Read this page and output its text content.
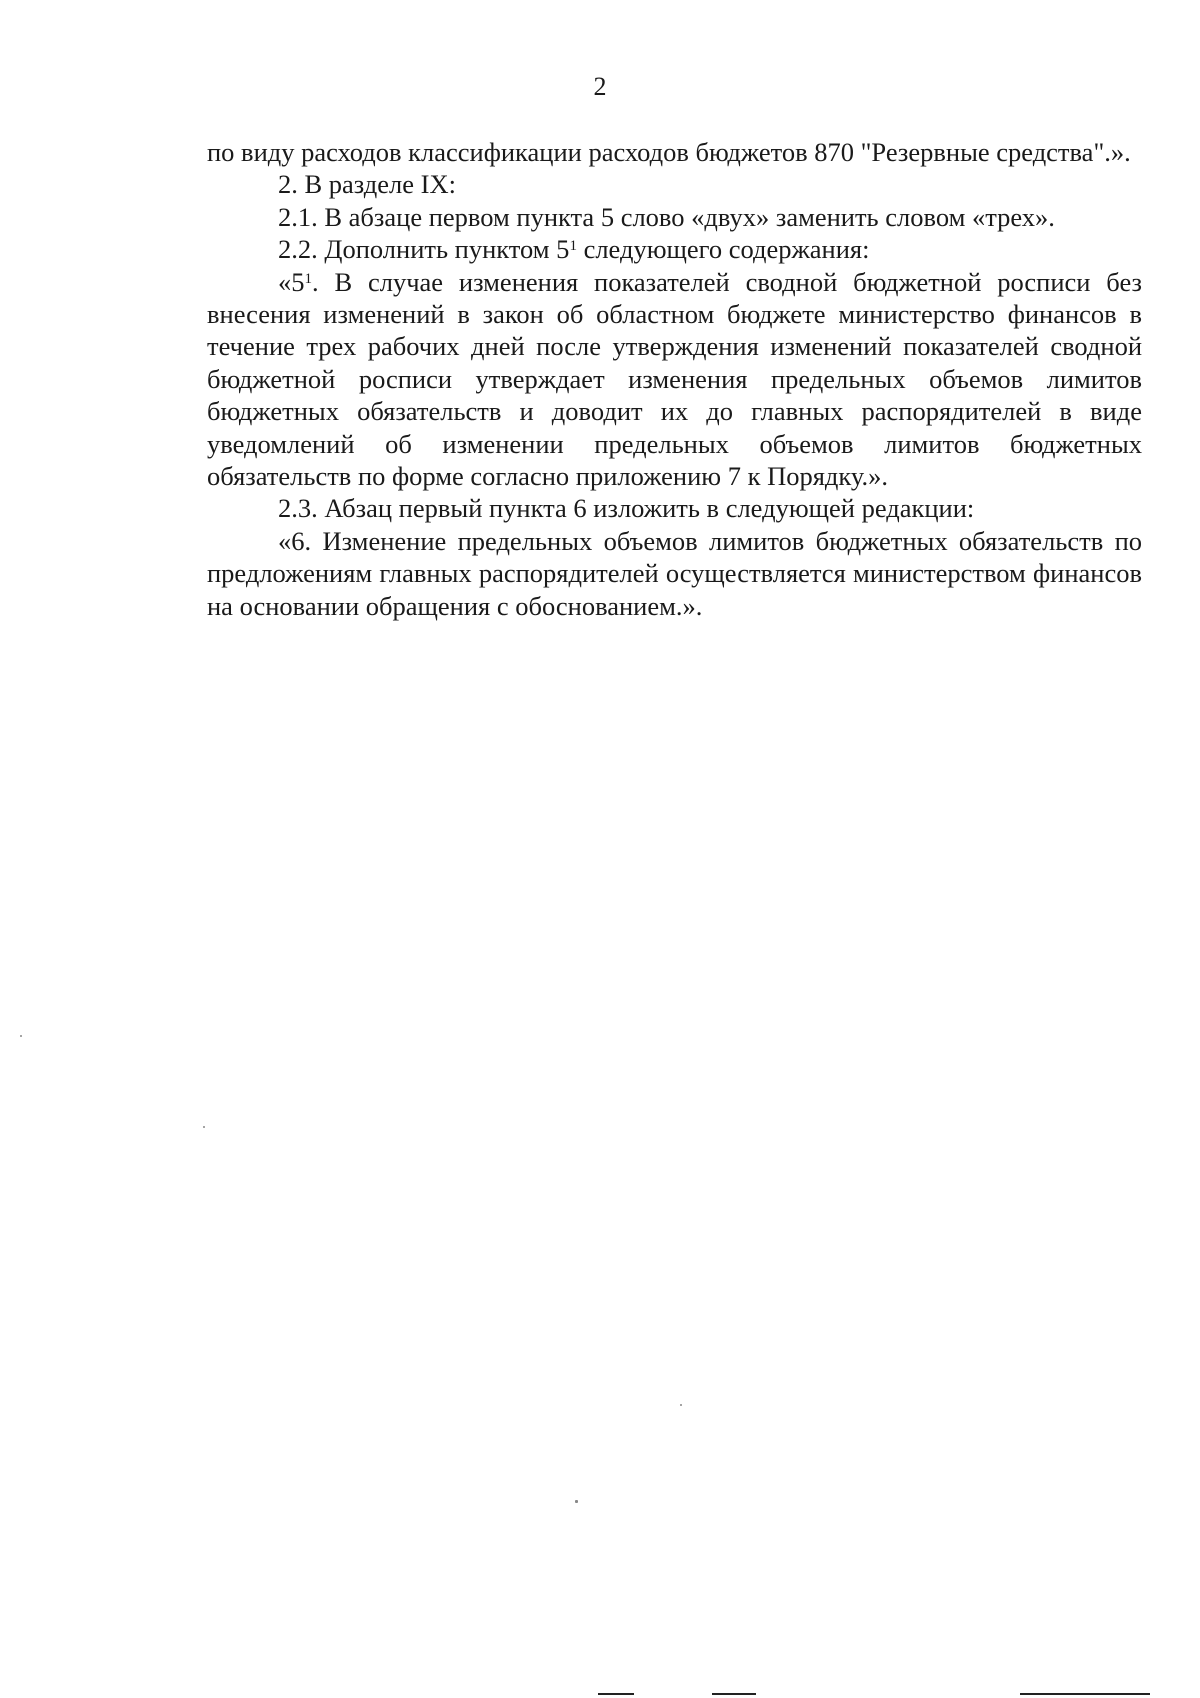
2

по виду расходов классификации расходов бюджетов 870 "Резервные средства".».

2. В разделе IX:

2.1. В абзаце первом пункта 5 слово «двух» заменить словом «трех».

2.2. Дополнить пунктом $5^1$ следующего содержания:

«$5^1$. В случае изменения показателей сводной бюджетной росписи без внесения изменений в закон об областном бюджете министерство финансов в течение трех рабочих дней после утверждения изменений показателей сводной бюджетной росписи утверждает изменения предельных объемов лимитов бюджетных обязательств и доводит их до главных распорядителей в виде уведомлений об изменении предельных объемов лимитов бюджетных обязательств по форме согласно приложению 7 к Порядку.».

2.3. Абзац первый пункта 6 изложить в следующей редакции:

«6. Изменение предельных объемов лимитов бюджетных обязательств по предложениям главных распорядителей осуществляется министерством финансов на основании обращения с обоснованием.».
